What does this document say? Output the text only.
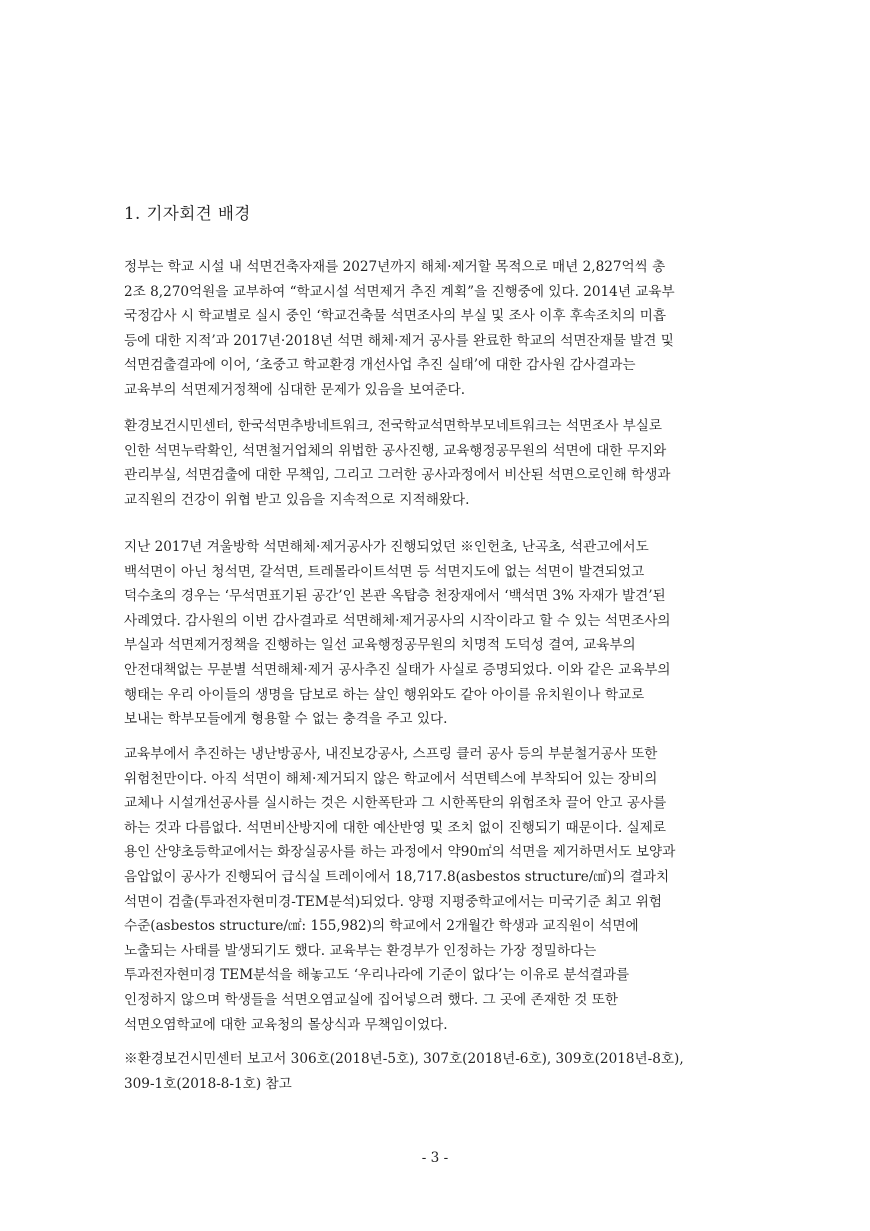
1. 기자회견 배경
정부는 학교 시설 내 석면건축자재를 2027년까지 해체·제거할 목적으로 매년 2,827억씩 총
2조 8,270억원을 교부하여 “학교시설 석면제거 추진 계획”을 진행중에 있다. 2014년 교육부
국정감사 시 학교별로 실시 중인 ‘학교건축물 석면조사의 부실 및 조사 이후 후속조치의 미흡
등에 대한 지적’과 2017년·2018년 석면 해체·제거 공사를 완료한 학교의 석면잔재물 발견 및
석면검출결과에 이어, ‘초중고 학교환경 개선사업 추진 실태’에 대한 감사원 감사결과는
교육부의 석면제거정책에 심대한 문제가 있음을 보여준다.
환경보건시민센터, 한국석면추방네트워크, 전국학교석면학부모네트워크는 석면조사 부실로
인한 석면누락확인, 석면철거업체의 위법한 공사진행, 교육행정공무원의 석면에 대한 무지와
관리부실, 석면검출에 대한 무책임, 그리고 그러한 공사과정에서 비산된 석면으로인해 학생과
교직원의 건강이 위협 받고 있음을 지속적으로 지적해왔다.
지난 2017년 겨울방학 석면해체·제거공사가 진행되었던 ※인헌초, 난곡초, 석관고에서도
백석면이 아닌 청석면, 갈석면, 트레몰라이트석면 등 석면지도에 없는 석면이 발견되었고
덕수초의 경우는 ‘무석면표기된 공간’인 본관 옥탑층 천장재에서 ‘백석면 3% 자재가 발견’된
사례였다. 감사원의 이번 감사결과로 석면해체·제거공사의 시작이라고 할 수 있는 석면조사의
부실과 석면제거정책을 진행하는 일선 교육행정공무원의 치명적 도덕성 결여, 교육부의
안전대책없는 무분별 석면해체·제거 공사추진 실태가 사실로 증명되었다. 이와 같은 교육부의
행태는 우리 아이들의 생명을 담보로 하는 살인 행위와도 같아 아이를 유치원이나 학교로
보내는 학부모들에게 형용할 수 없는 충격을 주고 있다.
교육부에서 추진하는 냉난방공사, 내진보강공사, 스프링 클러 공사 등의 부분철거공사 또한
위험천만이다. 아직 석면이 해체·제거되지 않은 학교에서 석면텍스에 부착되어 있는 장비의
교체나 시설개선공사를 실시하는 것은 시한폭탄과 그 시한폭탄의 위험조차 끌어 안고 공사를
하는 것과 다름없다. 석면비산방지에 대한 예산반영 및 조치 없이 진행되기 때문이다. 실제로
용인 산양초등학교에서는 화장실공사를 하는 과정에서 약90㎡의 석면을 제거하면서도 보양과
음압없이 공사가 진행되어 급식실 트레이에서 18,717.8(asbestos structure/㎠)의 결과치
석면이 검출(투과전자현미경-TEM분석)되었다. 양평 지평중학교에서는 미국기준 최고 위험
수준(asbestos structure/㎠: 155,982)의 학교에서 2개월간 학생과 교직원이 석면에
노출되는 사태를 발생되기도 했다. 교육부는 환경부가 인정하는 가장 정밀하다는
투과전자현미경 TEM분석을 해놓고도 ‘우리나라에 기준이 없다’는 이유로 분석결과를
인정하지 않으며 학생들을 석면오염교실에 집어넣으려 했다. 그 곳에 존재한 것 또한
석면오염학교에 대한 교육청의 몰상식과 무책임이었다.
※환경보건시민센터 보고서 306호(2018년-5호), 307호(2018년-6호), 309호(2018년-8호),
309-1호(2018-8-1호) 참고
- 3 -
